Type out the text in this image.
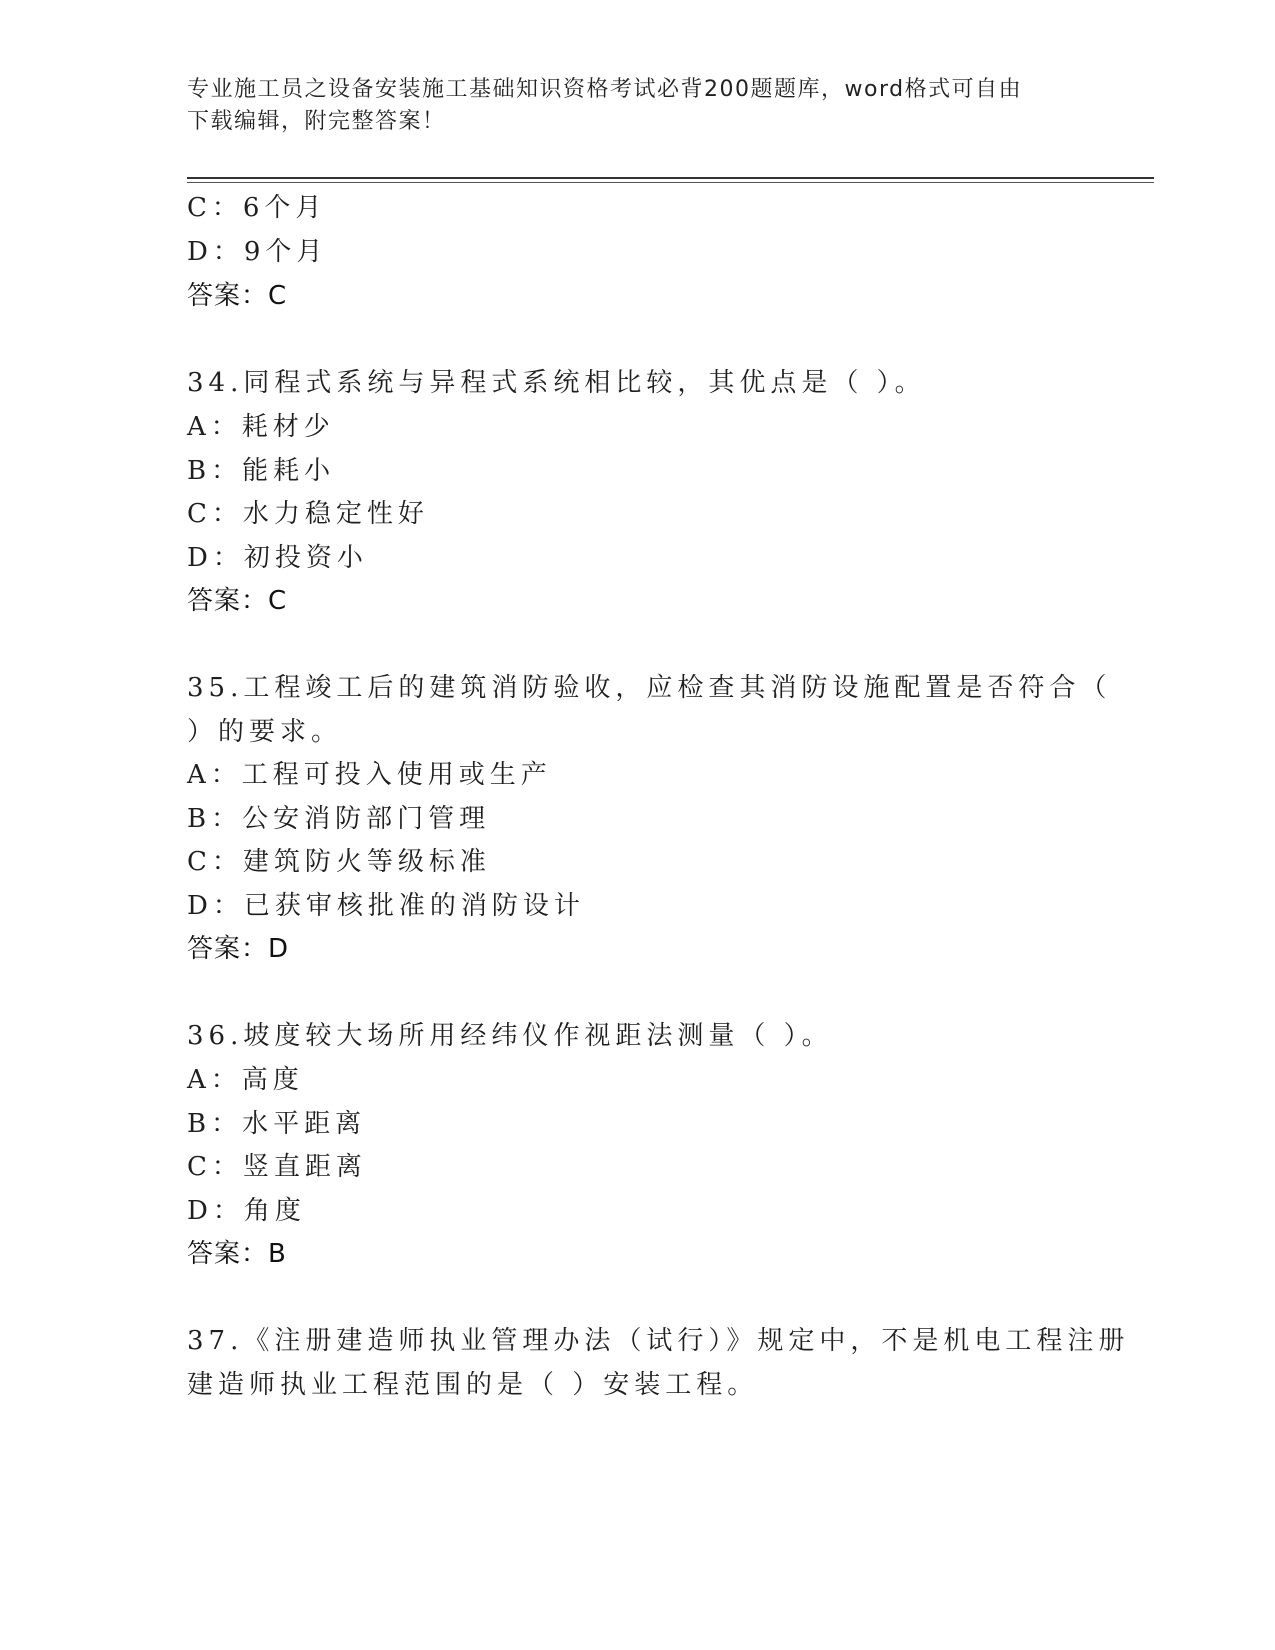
专业施工员之设备安装施工基础知识资格考试必背200题题库，word格式可自由
下载编辑，附完整答案！
C：6个月
D：9个月
答案：C
34.同程式系统与异程式系统相比较，其优点是（ ）。
A：耗材少
B：能耗小
C：水力稳定性好
D：初投资小
答案：C
35.工程竣工后的建筑消防验收，应检查其消防设施配置是否符合（
）的要求。
A：工程可投入使用或生产
B：公安消防部门管理
C：建筑防火等级标准
D：已获审核批准的消防设计
答案：D
36.坡度较大场所用经纬仪作视距法测量（ ）。
A：高度
B：水平距离
C：竖直距离
D：角度
答案：B
37.《注册建造师执业管理办法（试行）》规定中，不是机电工程注册
建造师执业工程范围的是（ ）安装工程。
